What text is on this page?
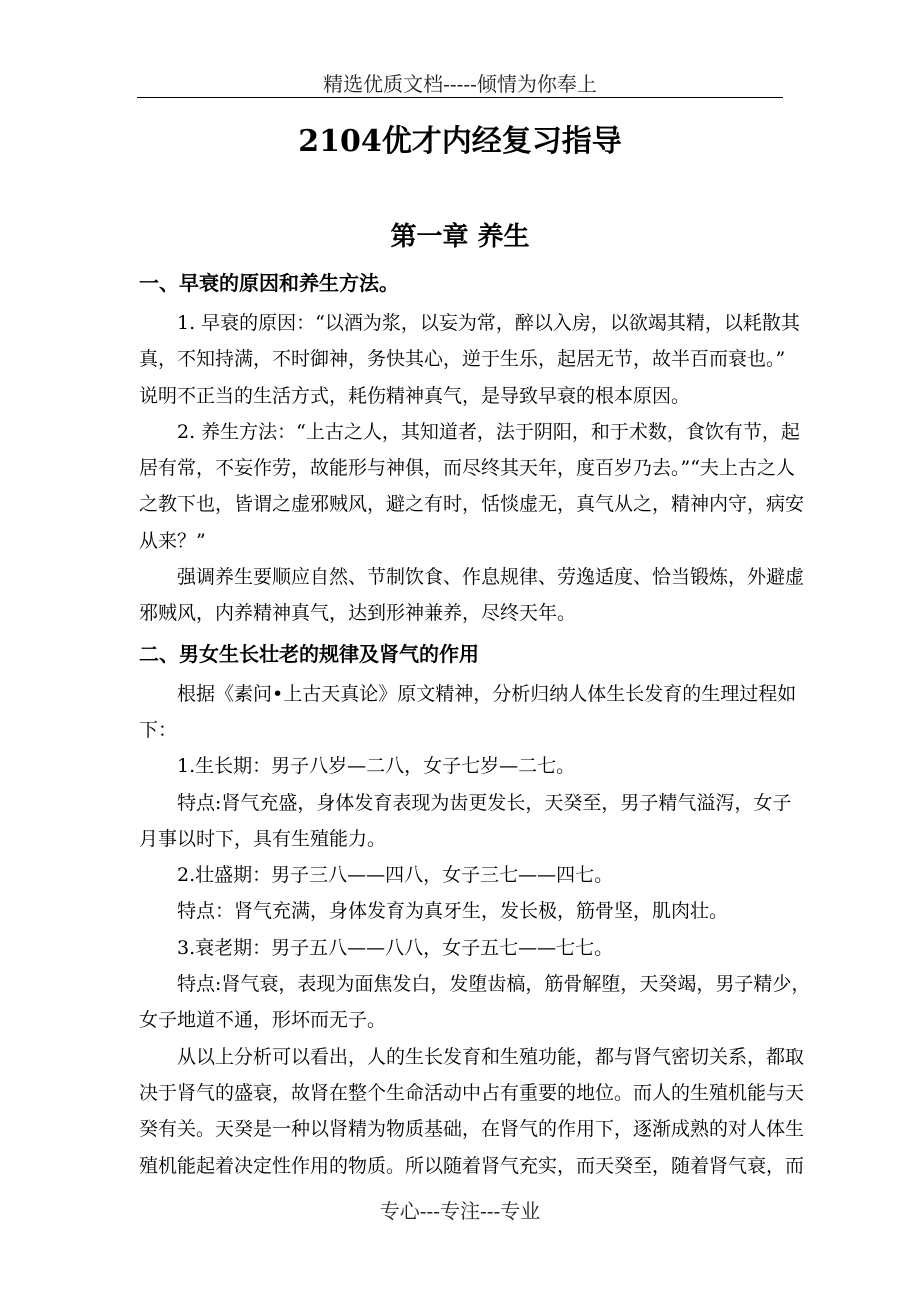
精选优质文档-----倾情为你奉上
2104优才内经复习指导
第一章 养生
一、早衰的原因和养生方法。
1. 早衰的原因：“以酒为浆，以妄为常，醉以入房，以欲竭其精，以耗散其
真，不知持满，不时御神，务快其心，逆于生乐，起居无节，故半百而衰也。”
说明不正当的生活方式，耗伤精神真气，是导致早衰的根本原因。
2. 养生方法：“上古之人，其知道者，法于阴阳，和于术数，食饮有节，起
居有常，不妄作劳，故能形与神俱，而尽终其天年，度百岁乃去。”“夫上古之人
之教下也，皆谓之虚邪贼风，避之有时，恬惔虚无，真气从之，精神内守，病安
从来？”
强调养生要顺应自然、节制饮食、作息规律、劳逸适度、恰当锻炼，外避虚
邪贼风，内养精神真气，达到形神兼养，尽终天年。
二、男女生长壮老的规律及肾气的作用
根据《素问•上古天真论》原文精神，分析归纳人体生长发育的生理过程如
下：
1.生长期：男子八岁—二八，女子七岁—二七。
特点:肾气充盛，身体发育表现为齿更发长，天癸至，男子精气溢泻，女子
月事以时下，具有生殖能力。
2.壮盛期：男子三八——四八，女子三七——四七。
特点：肾气充满，身体发育为真牙生，发长极，筋骨坚，肌肉壮。
3.衰老期：男子五八——八八，女子五七——七七。
特点:肾气衰，表现为面焦发白，发堕齿槁，筋骨解堕，天癸竭，男子精少，
女子地道不通，形坏而无子。
从以上分析可以看出，人的生长发育和生殖功能，都与肾气密切关系，都取
决于肾气的盛衰，故肾在整个生命活动中占有重要的地位。而人的生殖机能与天
癸有关。天癸是一种以肾精为物质基础，在肾气的作用下，逐渐成熟的对人体生
殖机能起着决定性作用的物质。所以随着肾气充实，而天癸至，随着肾气衰，而
专心---专注---专业
